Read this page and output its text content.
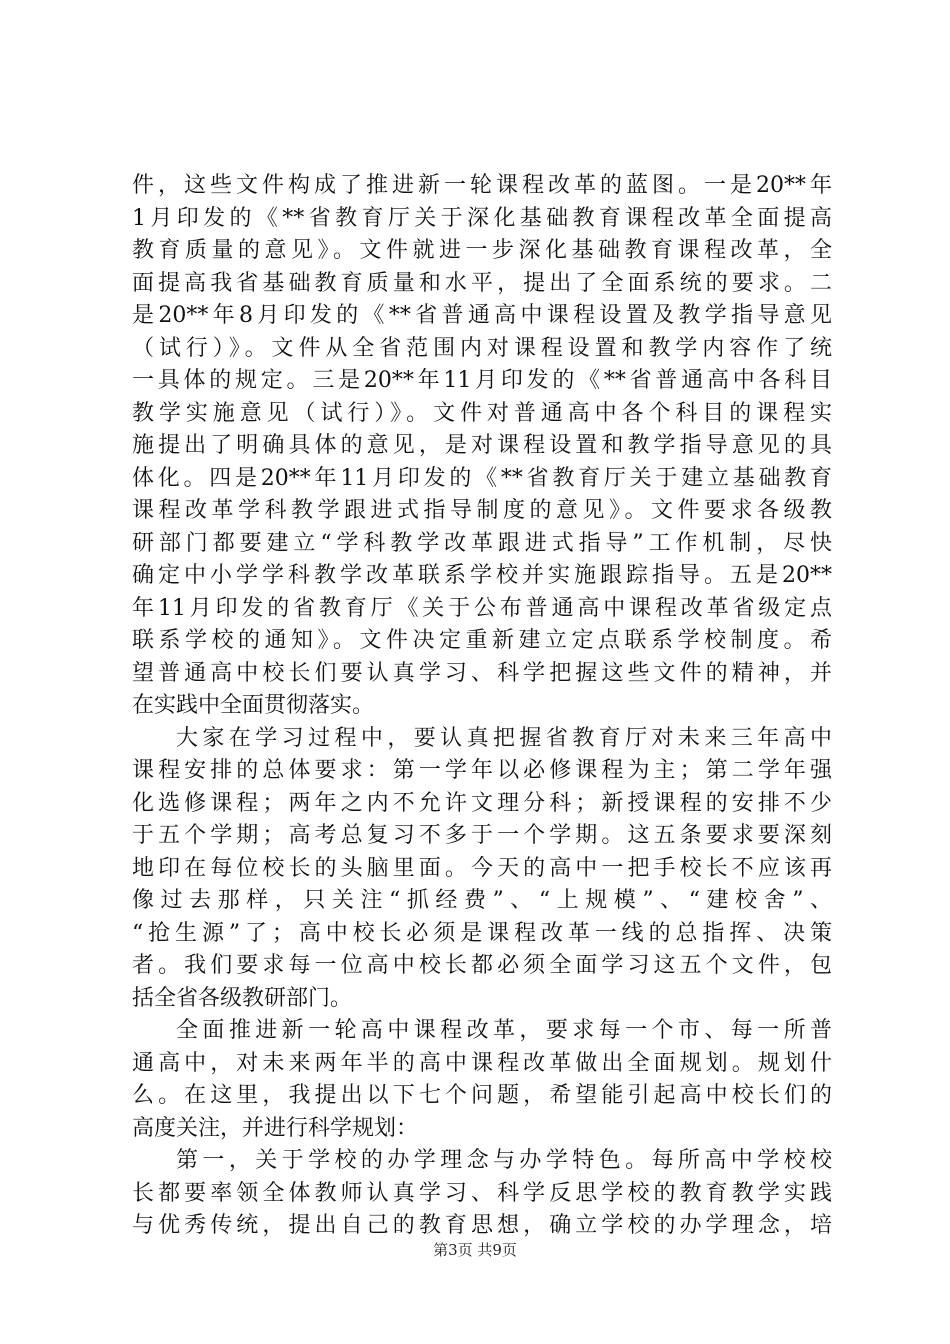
件，这些文件构成了推进新一轮课程改革的蓝图。一是20**年
1月印发的《**省教育厅关于深化基础教育课程改革全面提高
教育质量的意见》。文件就进一步深化基础教育课程改革，全
面提高我省基础教育质量和水平，提出了全面系统的要求。二
是20**年8月印发的《**省普通高中课程设置及教学指导意见
（试行）》。文件从全省范围内对课程设置和教学内容作了统
一具体的规定。三是20**年11月印发的《**省普通高中各科目
教学实施意见（试行）》。文件对普通高中各个科目的课程实
施提出了明确具体的意见，是对课程设置和教学指导意见的具
体化。四是20**年11月印发的《**省教育厅关于建立基础教育
课程改革学科教学跟进式指导制度的意见》。文件要求各级教
研部门都要建立“学科教学改革跟进式指导”工作机制，尽快
确定中小学学科教学改革联系学校并实施跟踪指导。五是20**
年11月印发的省教育厅《关于公布普通高中课程改革省级定点
联系学校的通知》。文件决定重新建立定点联系学校制度。希
望普通高中校长们要认真学习、科学把握这些文件的精神，并
在实践中全面贯彻落实。
大家在学习过程中，要认真把握省教育厅对未来三年高中
课程安排的总体要求：第一学年以必修课程为主；第二学年强
化选修课程；两年之内不允许文理分科；新授课程的安排不少
于五个学期；高考总复习不多于一个学期。这五条要求要深刻
地印在每位校长的头脑里面。今天的高中一把手校长不应该再
像过去那样，只关注“抓经费”、“上规模”、“建校舍”、
“抢生源”了；高中校长必须是课程改革一线的总指挥、决策
者。我们要求每一位高中校长都必须全面学习这五个文件，包
括全省各级教研部门。
全面推进新一轮高中课程改革，要求每一个市、每一所普
通高中，对未来两年半的高中课程改革做出全面规划。规划什
么。在这里，我提出以下七个问题，希望能引起高中校长们的
高度关注，并进行科学规划：
第一，关于学校的办学理念与办学特色。每所高中学校校
长都要率领全体教师认真学习、科学反思学校的教育教学实践
与优秀传统，提出自己的教育思想，确立学校的办学理念，培
第3页 共9页
